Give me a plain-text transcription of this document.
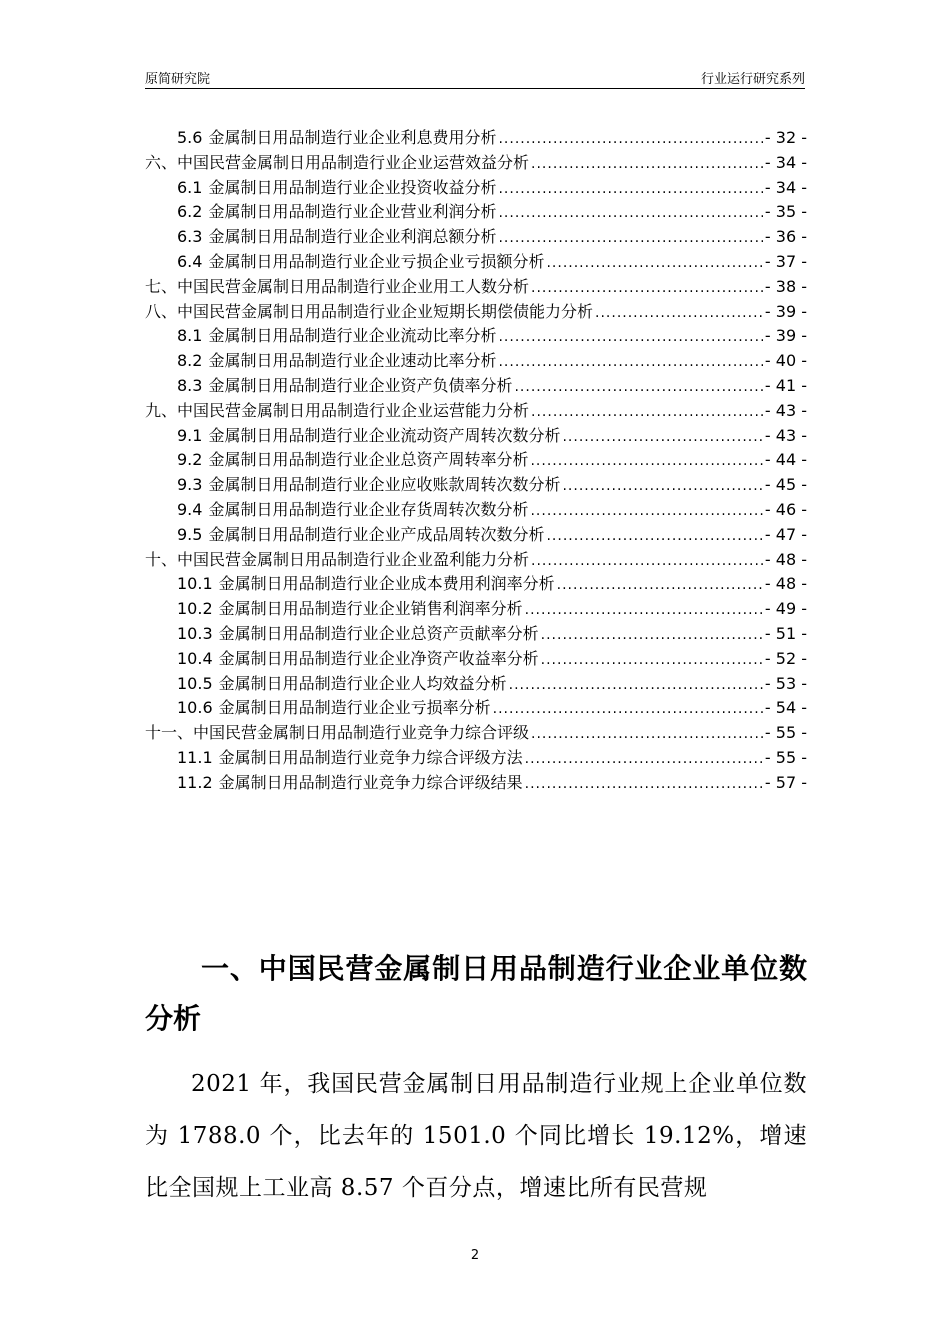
原简研究院	行业运行研究系列
5.6 金属制日用品制造行业企业利息费用分析 .....	- 32 -
六、中国民营金属制日用品制造行业企业运营效益分析 .....	- 34 -
6.1 金属制日用品制造行业企业投资收益分析 .....	- 34 -
6.2 金属制日用品制造行业企业营业利润分析 .....	- 35 -
6.3 金属制日用品制造行业企业利润总额分析 .....	- 36 -
6.4 金属制日用品制造行业企业亏损企业亏损额分析 .....	- 37 -
七、中国民营金属制日用品制造行业企业用工人数分析 .....	- 38 -
八、中国民营金属制日用品制造行业企业短期长期偿债能力分析 .....	- 39 -
8.1 金属制日用品制造行业企业流动比率分析 .....	- 39 -
8.2 金属制日用品制造行业企业速动比率分析 .....	- 40 -
8.3 金属制日用品制造行业企业资产负债率分析 .....	- 41 -
九、中国民营金属制日用品制造行业企业运营能力分析 .....	- 43 -
9.1 金属制日用品制造行业企业流动资产周转次数分析 .....	- 43 -
9.2 金属制日用品制造行业企业总资产周转率分析 .....	- 44 -
9.3 金属制日用品制造行业企业应收账款周转次数分析 .....	- 45 -
9.4 金属制日用品制造行业企业存货周转次数分析 .....	- 46 -
9.5 金属制日用品制造行业企业产成品周转次数分析 .....	- 47 -
十、中国民营金属制日用品制造行业企业盈利能力分析 .....	- 48 -
10.1 金属制日用品制造行业企业成本费用利润率分析 .....	- 48 -
10.2 金属制日用品制造行业企业销售利润率分析 .....	- 49 -
10.3 金属制日用品制造行业企业总资产贡献率分析 .....	- 51 -
10.4 金属制日用品制造行业企业净资产收益率分析 .....	- 52 -
10.5 金属制日用品制造行业企业人均效益分析 .....	- 53 -
10.6 金属制日用品制造行业企业亏损率分析 .....	- 54 -
十一、中国民营金属制日用品制造行业竞争力综合评级 .....	- 55 -
11.1 金属制日用品制造行业竞争力综合评级方法 .....	- 55 -
11.2 金属制日用品制造行业竞争力综合评级结果 .....	- 57 -
一、中国民营金属制日用品制造行业企业单位数分析
2021 年，我国民营金属制日用品制造行业规上企业单位数为 1788.0 个，比去年的 1501.0 个同比增长 19.12%，增速比全国规上工业高 8.57 个百分点，增速比所有民营规
2
